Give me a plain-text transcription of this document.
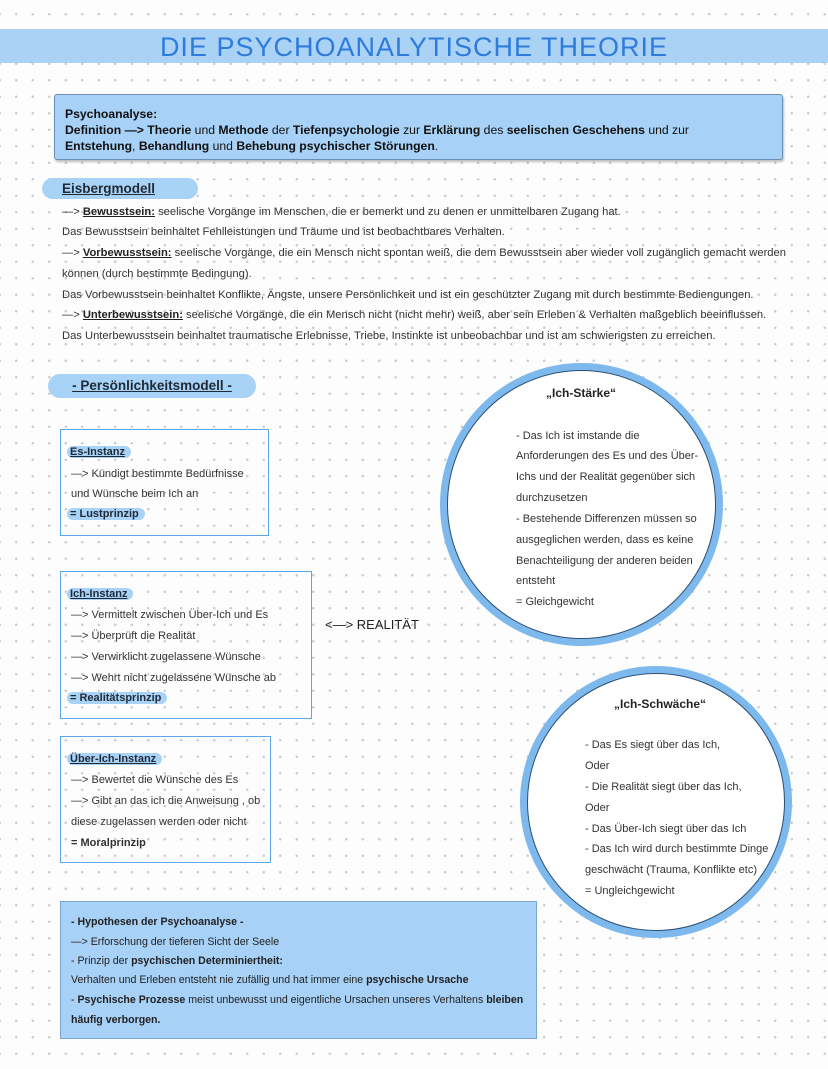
DIE PSYCHOANALYTISCHE THEORIE
Psychoanalyse:
Definition —> Theorie und Methode der Tiefenpsychologie zur Erklärung des seelischen Geschehens und zur
Entstehung, Behandlung und Behebung psychischer Störungen.
Eisbergmodell
—> Bewusstsein: seelische Vorgänge im Menschen, die er bemerkt und zu denen er unmittelbaren Zugang hat.
Das Bewusstsein beinhaltet Fehlleistungen und Träume und ist beobachtbares Verhalten.
—> Vorbewusstsein: seelische Vorgänge, die ein Mensch nicht spontan weiß, die dem Bewusstsein aber wieder voll zugänglich gemacht werden
können (durch bestimmte Bedingung).
Das Vorbewusstsein beinhaltet Konflikte, Ängste, unsere Persönlichkeit und ist ein geschützter Zugang mit durch bestimmte Bediengungen.
—> Unterbewusstsein: seelische Vorgänge, die ein Mensch nicht (nicht mehr) weiß, aber sein Erleben & Verhalten maßgeblich beeinflussen.
Das Unterbewusstsein beinhaltet traumatische Erlebnisse, Triebe, Instinkte ist unbeobachbar und ist am schwierigsten zu erreichen.
- Persönlichkeitsmodell -
Es-Instanz
—> Kündigt bestimmte Bedürfnisse
und Wünsche beim Ich an
= Lustprinzip
Ich-Instanz
—> Vermittelt zwischen Über-Ich und Es
—> Überprüft die Realität
—> Verwirklicht zugelassene Wünsche
—> Wehrt nicht zugelassene Wünsche ab
= Realitätsprinzip
<—> REALITÄT
Über-Ich-Instanz
—> Bewertet die Wünsche des Es
—> Gibt an das ich die Anweisung , ob
diese zugelassen werden oder nicht
= Moralprinzip
„Ich-Stärke“
- Das Ich ist imstande die
Anforderungen des Es und des Über-
Ichs und der Realität gegenüber sich
durchzusetzen
- Bestehende Differenzen müssen so
ausgeglichen werden, dass es keine
Benachteiligung der anderen beiden
entsteht
= Gleichgewicht
„Ich-Schwäche“
- Das Es siegt über das Ich,
Oder
- Die Realität siegt über das Ich,
Oder
- Das Über-Ich siegt über das Ich
- Das Ich wird durch bestimmte Dinge
geschwächt (Trauma, Konflikte etc)
= Ungleichgewicht
- Hypothesen der Psychoanalyse -
—> Erforschung der tieferen Sicht der Seele
- Prinzip der psychischen Determiniertheit:
Verhalten und Erleben entsteht nie zufällig und hat immer eine psychische Ursache
- Psychische Prozesse meist unbewusst und eigentliche Ursachen unseres Verhaltens bleiben
häufig verborgen.
